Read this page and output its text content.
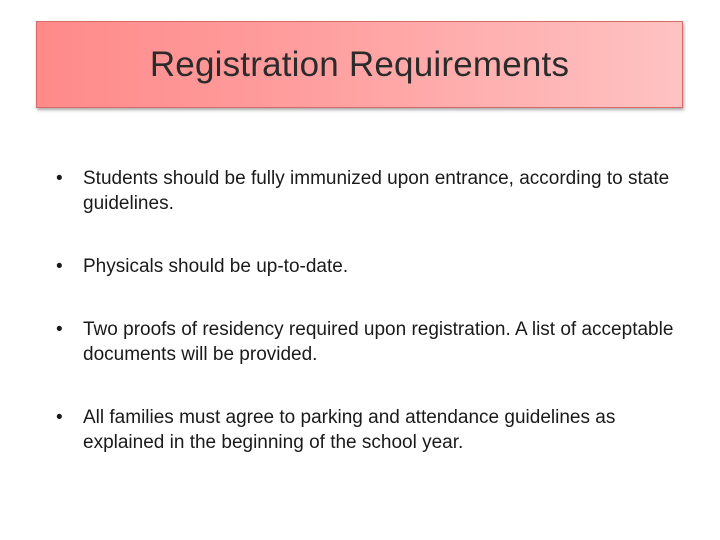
Registration Requirements
• Students should be fully immunized upon entrance, according to state guidelines.
• Physicals should be up-to-date.
• Two proofs of residency required upon registration. A list of acceptable documents will be provided.
• All families must agree to parking and attendance guidelines as explained in the beginning of the school year.
